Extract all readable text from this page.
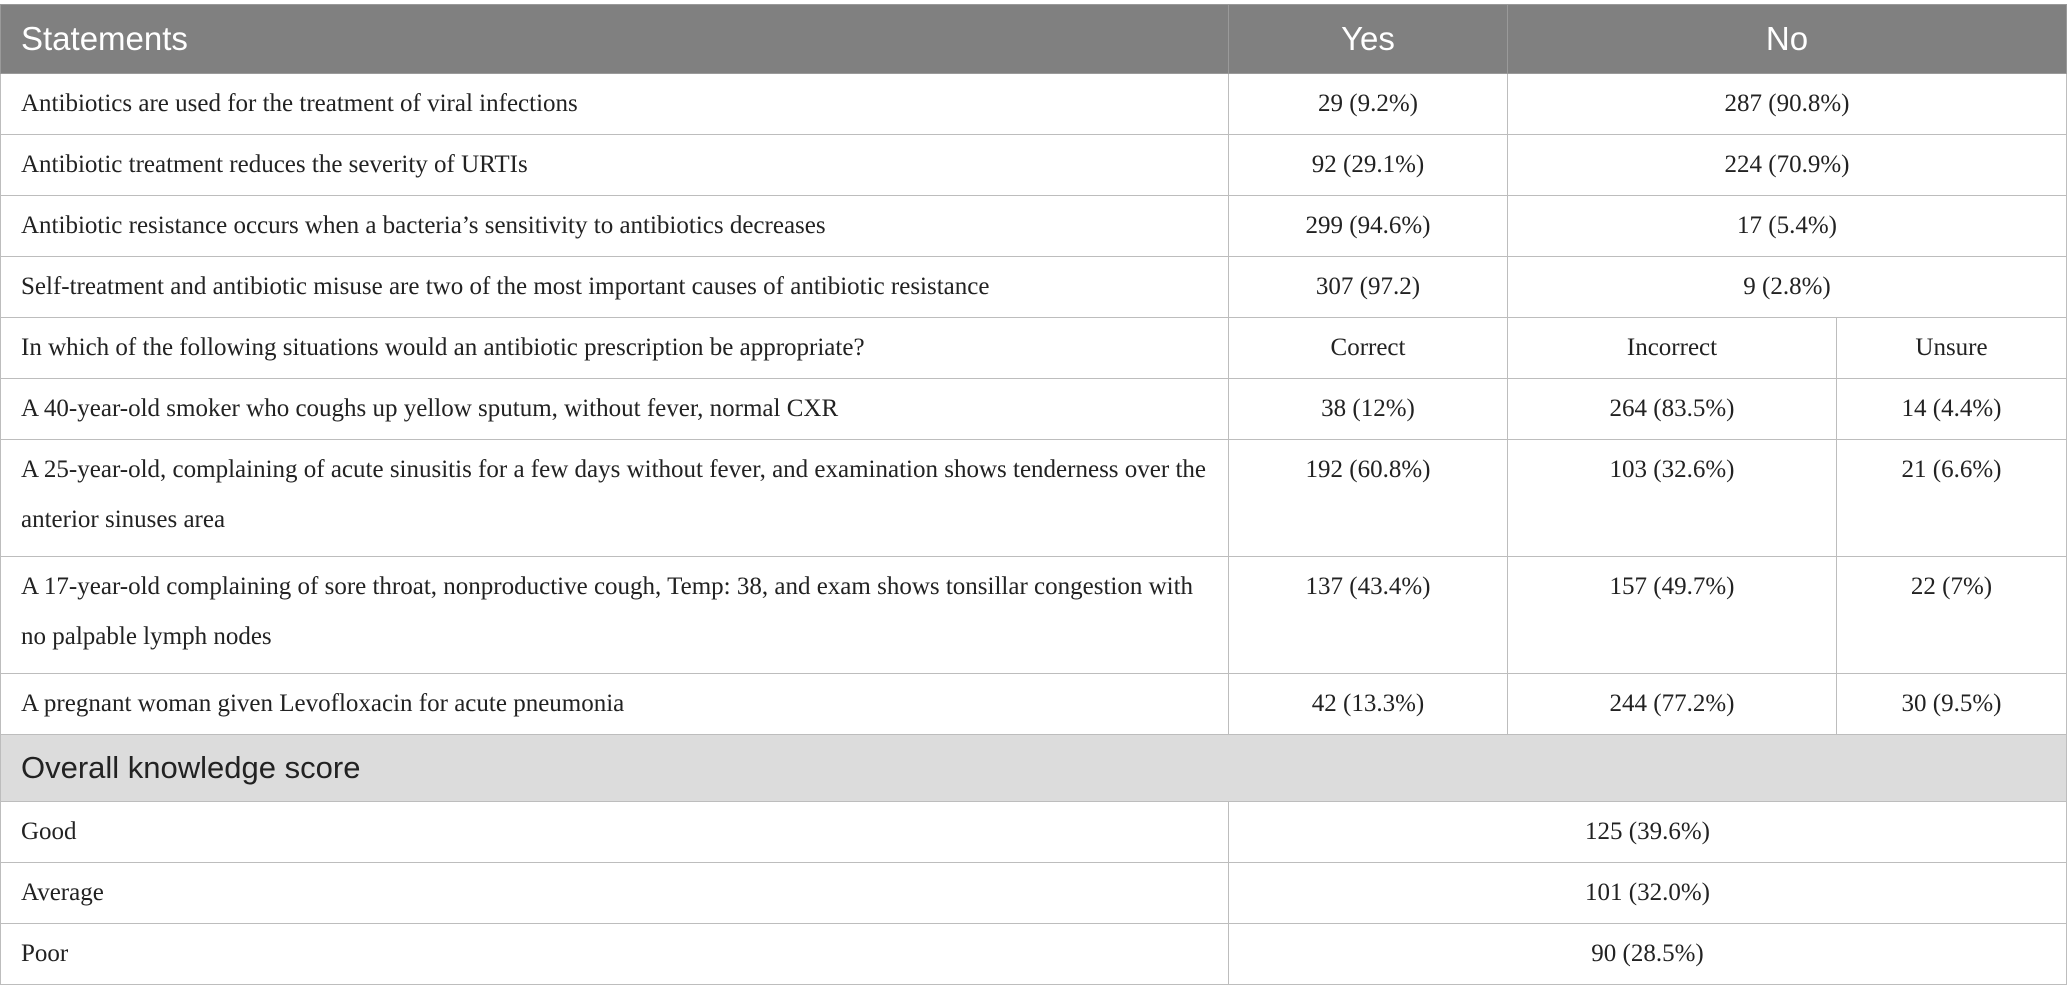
Statements	Yes	No	
Antibiotics are used for the treatment of viral infections	29 (9.2%)	287 (90.8%)	
Antibiotic treatment reduces the severity of URTIs	92 (29.1%)	224 (70.9%)	
Antibiotic resistance occurs when a bacteria’s sensitivity to antibiotics decreases	299 (94.6%)	17 (5.4%)	
Self-treatment and antibiotic misuse are two of the most important causes of antibiotic resistance	307 (97.2)	9 (2.8%)	
In which of the following situations would an antibiotic prescription be appropriate?	Correct	Incorrect	Unsure
A 40-year-old smoker who coughs up yellow sputum, without fever, normal CXR	38 (12%)	264 (83.5%)	14 (4.4%)
A 25-year-old, complaining of acute sinusitis for a few days without fever, and examination shows tenderness over the anterior sinuses area	192 (60.8%)	103 (32.6%)	21 (6.6%)
A 17-year-old complaining of sore throat, nonproductive cough, Temp: 38, and exam shows tonsillar congestion with no palpable lymph nodes	137 (43.4%)	157 (49.7%)	22 (7%)
A pregnant woman given Levofloxacin for acute pneumonia	42 (13.3%)	244 (77.2%)	30 (9.5%)
Overall knowledge score			
Good	125 (39.6%)		
Average	101 (32.0%)		
Poor	90 (28.5%)		
